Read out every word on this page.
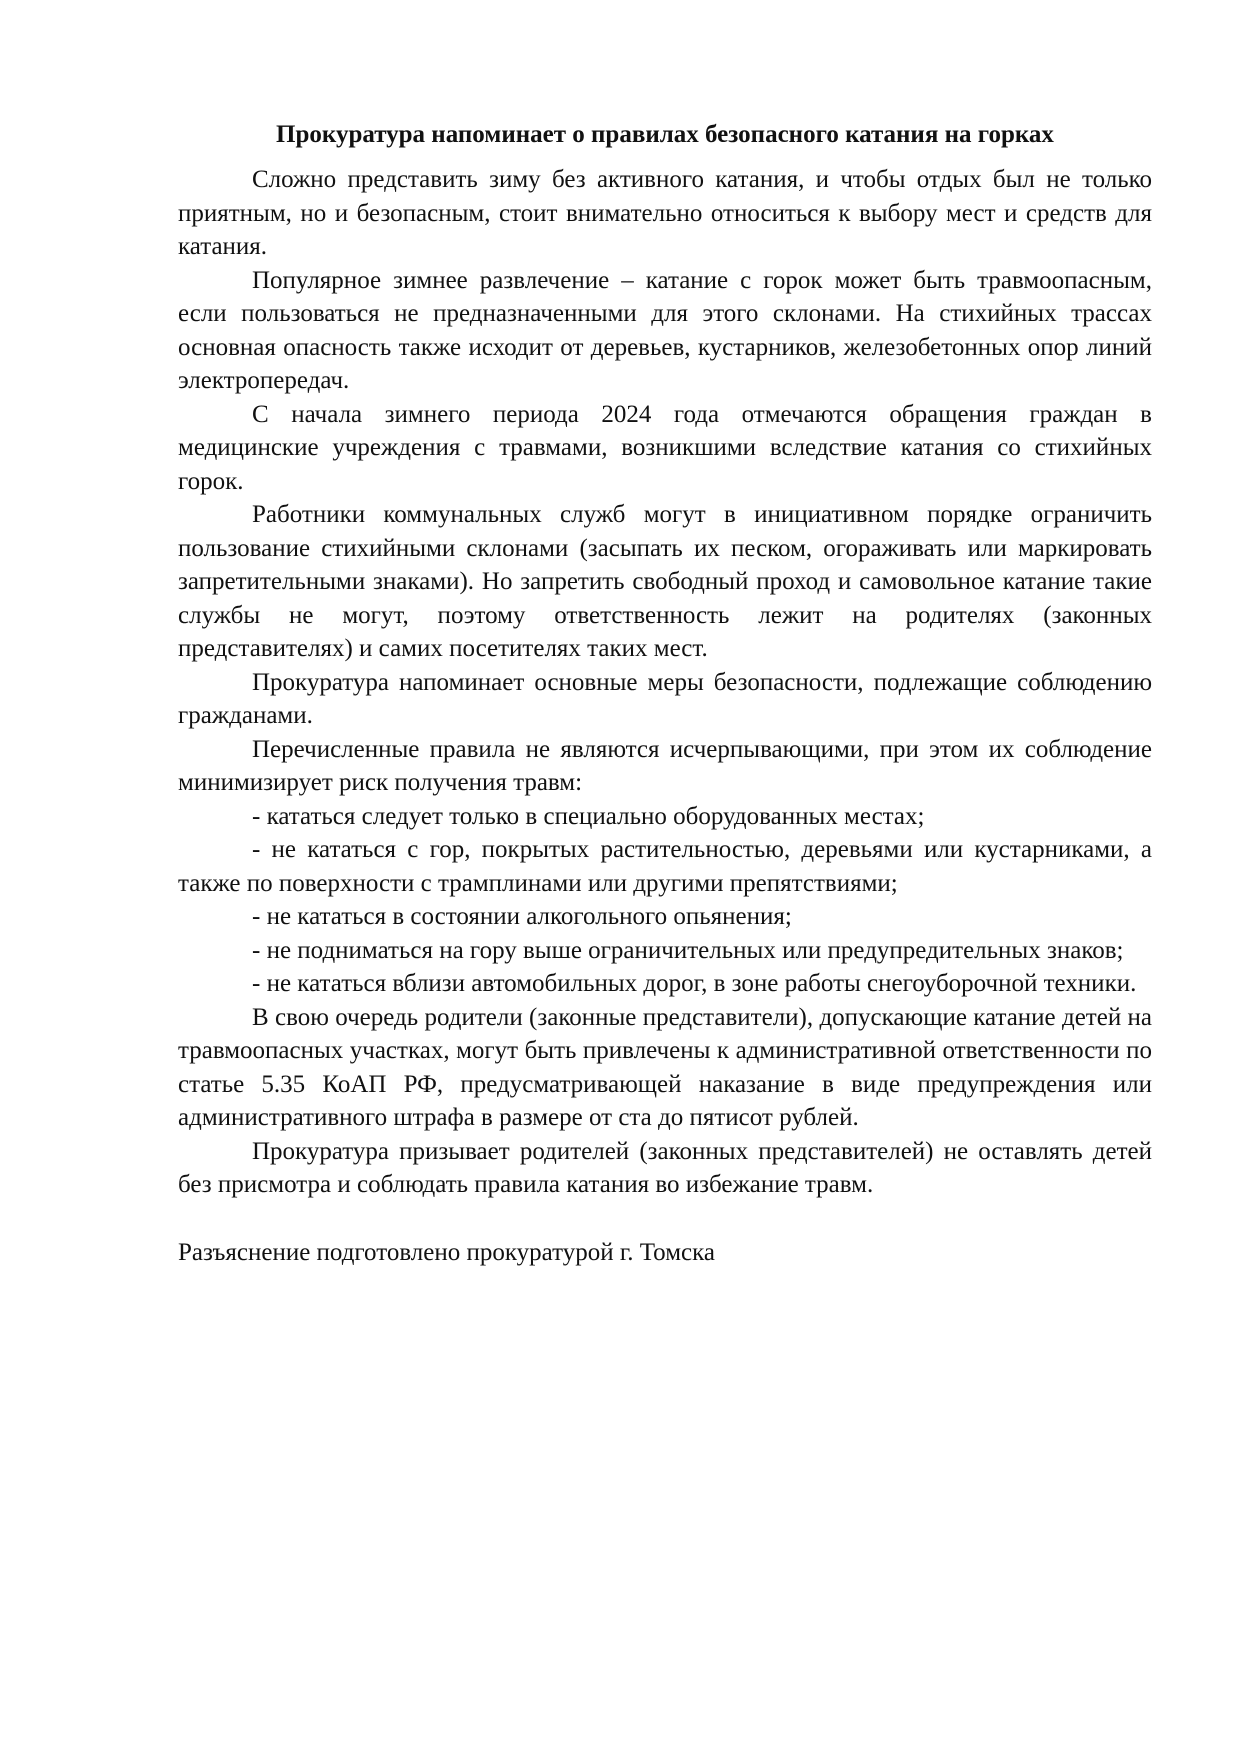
Прокуратура напоминает о правилах безопасного катания на горках

Сложно представить зиму без активного катания, и чтобы отдых был не только приятным, но и безопасным, стоит внимательно относиться к выбору мест и средств для катания.

Популярное зимнее развлечение – катание с горок может быть травмоопасным, если пользоваться не предназначенными для этого склонами. На стихийных трассах основная опасность также исходит от деревьев, кустарников, железобетонных опор линий электропередач.

С начала зимнего периода 2024 года отмечаются обращения граждан в медицинские учреждения с травмами, возникшими вследствие катания со стихийных горок.

Работники коммунальных служб могут в инициативном порядке ограничить пользование стихийными склонами (засыпать их песком, огораживать или маркировать запретительными знаками). Но запретить свободный проход и самовольное катание такие службы не могут, поэтому ответственность лежит на родителях (законных представителях) и самих посетителях таких мест.

Прокуратура напоминает основные меры безопасности, подлежащие соблюдению гражданами.

Перечисленные правила не являются исчерпывающими, при этом их соблюдение минимизирует риск получения травм:

- кататься следует только в специально оборудованных местах;

- не кататься с гор, покрытых растительностью, деревьями или кустарниками, а также по поверхности с трамплинами или другими препятствиями;

- не кататься в состоянии алкогольного опьянения;

- не подниматься на гору выше ограничительных или предупредительных знаков;

- не кататься вблизи автомобильных дорог, в зоне работы снегоуборочной техники.

В свою очередь родители (законные представители), допускающие катание детей на травмоопасных участках, могут быть привлечены к административной ответственности по статье 5.35 КоАП РФ, предусматривающей наказание в виде предупреждения или административного штрафа в размере от ста до пятисот рублей.

Прокуратура призывает родителей (законных представителей) не оставлять детей без присмотра и соблюдать правила катания во избежание травм.

Разъяснение подготовлено прокуратурой г. Томска
